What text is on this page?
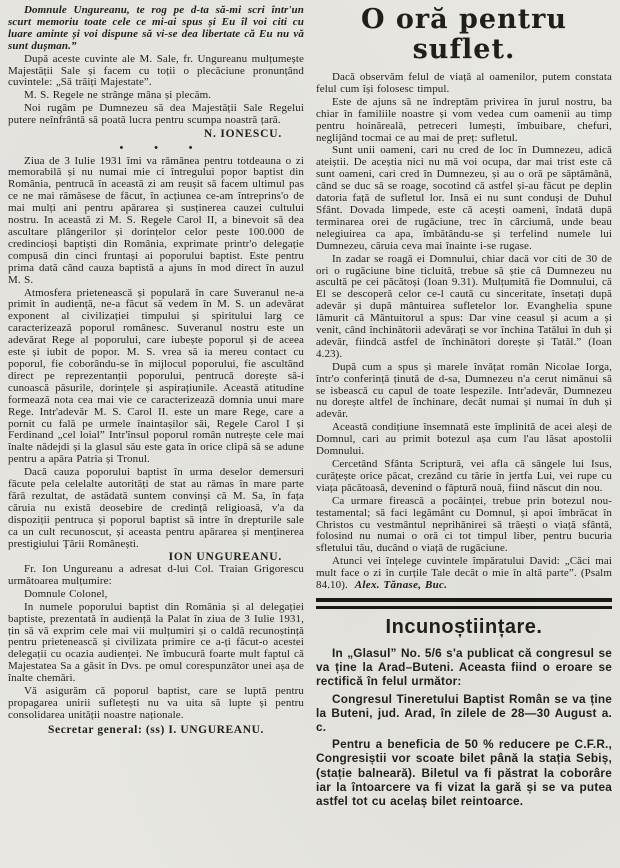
Domnule Ungureanu, te rog pe d-ta să-mi scri într'un scurt memoriu toate cele ce mi-ai spus și Eu îl voi citi cu luare aminte și voi dispune să vi-se dea libertate că Eu nu vă sunt dușman.”

După aceste cuvinte ale M. Sale, fr. Ungureanu mulțumește Majestății Sale și facem cu toții o plecăciune pronunțând cuvintele: „Să trăiți Majestate”.

M. S. Regele ne strânge mâna și plecăm.

Noi rugăm pe Dumnezeu să dea Majestății Sale Regelui putere neînfrântă să poată lucra pentru scumpa noastră țară.

N. IONESCU.
• • •

Ziua de 3 Iulie 1931 îmi va rămânea pentru totdeauna o zi memorabilă și nu numai mie ci întregului popor baptist din România, pentrucă în această zi am reușit să facem ultimul pas ce ne mai rămăsese de făcut, în acțiunea ce-am întreprins'o de mai mulți ani pentru apărarea și susținerea cauzei cultului nostru. In această zi M. S. Regele Carol II, a binevoit să dea ascultare plângerilor și dorințelor celor peste 100.000 de credincioși baptiști din România, exprimate printr'o delegație compusă din cinci fruntași ai poporului baptist. Este pentru prima dată când cauza baptistă a ajuns în mod direct în auzul M. S.

Atmosfera prietenească și populară în care Suveranul ne-a primit în audiență, ne-a făcut să vedem în M. S. un adevărat exponent al civilizației timpului și spiritului larg ce caracterizează poporul românesc. Suveranul nostru este un adevărat Rege al poporului, care iubește poporul și de aceea este și iubit de popor. M. S. vrea să ia mereu contact cu poporul, fie coborându-se în mijlocul poporului, fie ascultând direct pe reprezentanții poporului, pentrucă dorește să-i cunoască păsurile, dorințele și aspirațiunile. Această atitudine formează nota cea mai vie ce caracterizează domnia unui mare Rege. Intr'adevăr M. S. Carol II. este un mare Rege, care a pornit cu fală pe urmele înaintașilor săi, Regele Carol I și Ferdinand „cel loial” Intr'însul poporul român nutrește cele mai înalte nădejdi și la glasul său este gata în orice clipă să se adune pentru a apăra Patria și Tronul.

Dacă cauza poporului baptist în urma deselor demersuri făcute pela celelalte autorități de stat au rămas în mare parte fără rezultat, de astădată suntem convinși că M. Sa, în fața căruia nu există deosebire de credință religioasă, v'a da dispoziții pentruca și poporul baptist să intre în drepturile sale ca un cult recunoscut, și aceasta pentru apărarea și menținerea prestigiului Țării Românești.

ION UNGUREANU.

Fr. Ion Ungureanu a adresat d-lui Col. Traian Grigorescu următoarea mulțumire:

Domnule Colonel,

In numele poporului baptist din România și al delegației baptiste, prezentată în audiență la Palat în ziua de 3 Iulie 1931, țin să vă exprim cele mai vii mulțumiri și o caldă recunoștință pentru prietenească și civilizata primire ce a-ți făcut-o acestei delegații cu ocazia audienței. Ne îmbucură foarte mult faptul că Majestatea Sa a găsit în Dvs. pe omul corespunzător unei așa de înalte chemări.

Vă asigurăm că poporul baptist, care se luptă pentru propagarea unirii sufletești nu va uita să lupte și pentru consolidarea unității noastre naționale.

Secretar general: (ss) I. UNGUREANU.
O oră pentru suflet.

Dacă observăm felul de viață al oamenilor, putem constata felul cum își folosesc timpul.

Este de ajuns să ne îndreptăm privirea în jurul nostru, ba chiar în familiile noastre și vom vedea cum oamenii au timp pentru hoinăreală, petreceri lumești, îmbuibare, chefuri, neglijând tocmai ce au mai de preț: sufletul.

Sunt unii oameni, cari nu cred de loc în Dumnezeu, adică ateiștii. De aceștia nici nu mă voi ocupa, dar mai trist este că sunt oameni, cari cred în Dumnezeu, și au o oră pe săptămână, când se duc să se roage, socotind că astfel și-au făcut pe deplin datoria față de sufletul lor. Insă ei nu sunt conduși de Duhul Sfânt. Dovada limpede, este că acești oameni, îndată după terminarea orei de rugăciune, trec în cârciumă, unde beau nelegiuirea ca apa, îmbătându-se și terfelind numele lui Dumnezeu, căruia ceva mai înainte i-se rugase.

In zadar se roagă ei Domnului, chiar dacă vor citi de 30 de ori o rugăciune bine ticluită, trebue să știe că Dumnezeu nu ascultă pe cei păcătoși (Ioan 9.31). Mulțumită fie Domnului, că El se descoperă celor ce-l caută cu sinceritate, însetați după adevăr și după mântuirea sufletelor lor. Evanghelia spune lămurit că Mântuitorul a spus: Dar vine ceasul și acum a și venit, când închinătorii adevărați se vor închina Tatălui în duh și adevăr, fiindcă astfel de închinători dorește și Tatăl.” (Ioan 4.23).

După cum a spus și marele învățat român Nicolae Iorga, într'o conferință ținută de d-sa, Dumnezeu n'a cerut nimănui să se isbească cu capul de toate lespezile. Intr'adevăr, Dumnezeu nu dorește altfel de închinare, decât numai și numai în duh și adevăr.

Această condițiune însemnată este împlinită de acei aleși de Domnul, cari au primit botezul așa cum l'au lăsat apostolii Domnului.

Cercetând Sfânta Scriptură, vei afla că sângele lui Isus, curățește orice păcat, crezând cu tărie în jertfa Lui, vei rupe cu viața păcătoasă, devenind o făptură nouă, fiind născut din nou.

Ca urmare firească a pocăinței, trebue prin botezul nou-testamental; să faci legământ cu Domnul, și apoi îmbrăcat în Christos cu vestmântul neprihănirei să trăești o viață sfântă, folosind nu numai o oră ci tot timpul liber, pentru bucuria sfletului tău, ducând o viață de rugăciune.

Atunci vei înțelege cuvintele împăratului David: „Căci mai mult face o zi în curțile Tale decât o mie în altă parte”. (Psalm 84.10). Alex. Tănase, Buc.

Incunoștiințare.

In „Glasul” No. 5/6 s'a publicat că congresul se va ține la Arad–Buteni. Aceasta fiind o eroare se rectifică în felul următor:

Congresul Tineretului Baptist Român se va ține la Buteni, jud. Arad, în zilele de 28—30 August a. c.

Pentru a beneficia de 50 % reducere pe C.F.R., Congresiștii vor scoate bilet până la stația Sebiș, (stație balneară). Biletul va fi păstrat la coborâre iar la întoarcere va fi vizat la gară și se va putea astfel tot cu acelaș bilet reintoarce.
